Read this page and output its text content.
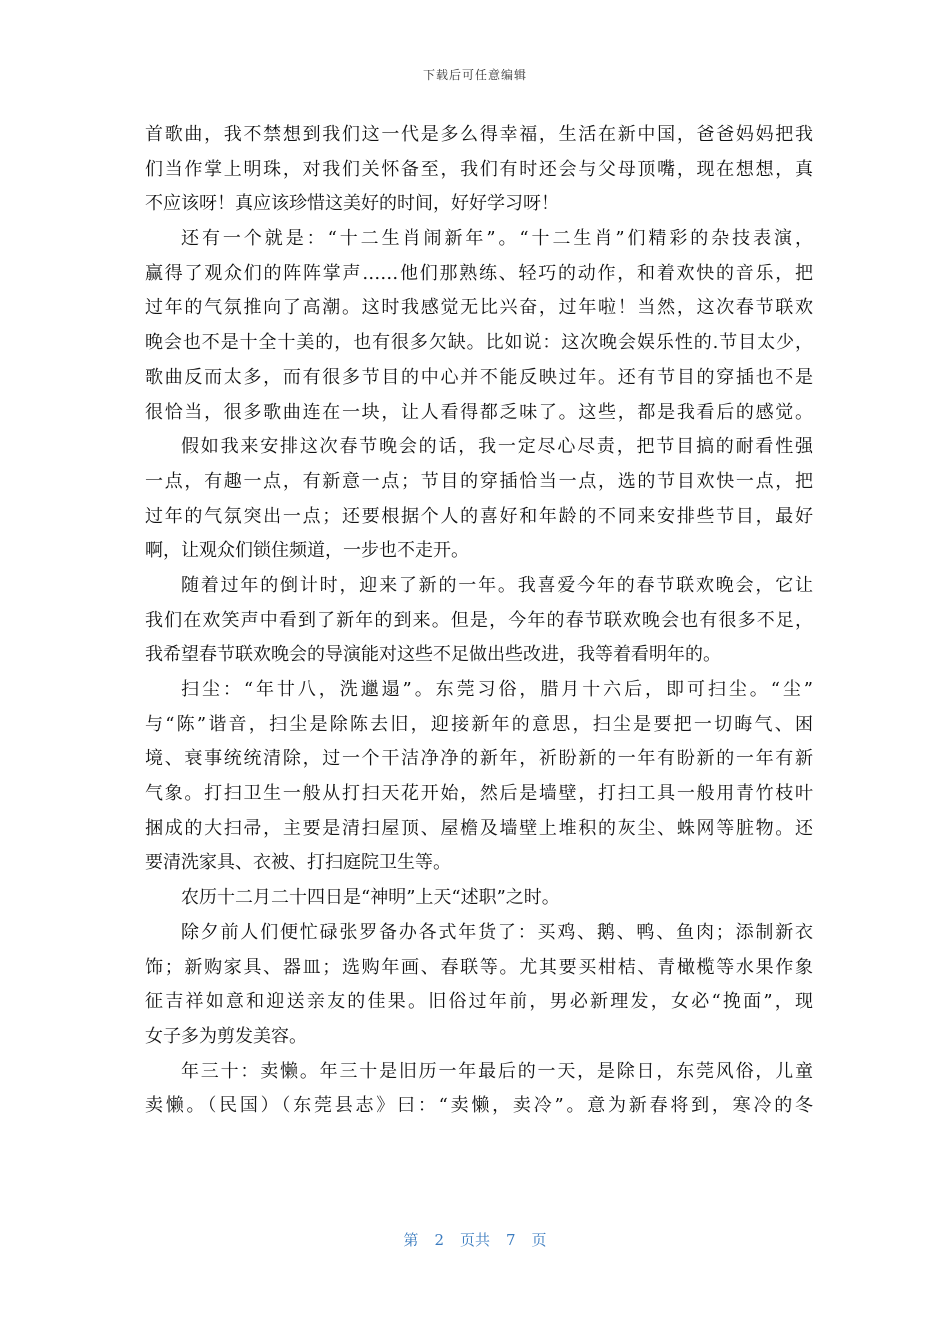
下载后可任意编辑
首歌曲，我不禁想到我们这一代是多么得幸福，生活在新中国，爸爸妈妈把我
们当作掌上明珠，对我们关怀备至，我们有时还会与父母顶嘴，现在想想，真
不应该呀！真应该珍惜这美好的时间，好好学习呀！
还有一个就是：“十二生肖闹新年”。“十二生肖”们精彩的杂技表演，
赢得了观众们的阵阵掌声……他们那熟练、轻巧的动作，和着欢快的音乐，把
过年的气氛推向了高潮。这时我感觉无比兴奋，过年啦！当然，这次春节联欢
晚会也不是十全十美的，也有很多欠缺。比如说：这次晚会娱乐性的.节目太少，
歌曲反而太多，而有很多节目的中心并不能反映过年。还有节目的穿插也不是
很恰当，很多歌曲连在一块，让人看得都乏味了。这些，都是我看后的感觉。
假如我来安排这次春节晚会的话，我一定尽心尽责，把节目搞的耐看性强
一点，有趣一点，有新意一点；节目的穿插恰当一点，选的节目欢快一点，把
过年的气氛突出一点；还要根据个人的喜好和年龄的不同来安排些节目，最好
啊，让观众们锁住频道，一步也不走开。
随着过年的倒计时，迎来了新的一年。我喜爱今年的春节联欢晚会，它让
我们在欢笑声中看到了新年的到来。但是，今年的春节联欢晚会也有很多不足，
我希望春节联欢晚会的导演能对这些不足做出些改进，我等着看明年的。
扫尘：“年廿八，洗邋遢”。东莞习俗，腊月十六后，即可扫尘。“尘”
与“陈”谐音，扫尘是除陈去旧，迎接新年的意思，扫尘是要把一切晦气、困
境、衰事统统清除，过一个干洁净净的新年，祈盼新的一年有盼新的一年有新
气象。打扫卫生一般从打扫天花开始，然后是墙壁，打扫工具一般用青竹枝叶
捆成的大扫帚，主要是清扫屋顶、屋檐及墙壁上堆积的灰尘、蛛网等脏物。还
要清洗家具、衣被、打扫庭院卫生等。
农历十二月二十四日是“神明”上天“述职”之时。
除夕前人们便忙碌张罗备办各式年货了：买鸡、鹅、鸭、鱼肉；添制新衣
饰；新购家具、器皿；选购年画、春联等。尤其要买柑桔、青橄榄等水果作象
征吉祥如意和迎送亲友的佳果。旧俗过年前，男必新理发，女必“挽面”，现
女子多为剪发美容。
年三十：卖懒。年三十是旧历一年最后的一天，是除日，东莞风俗，儿童
卖懒。（民国）（东莞县志》曰：“卖懒，卖冷”。意为新春将到，寒冷的冬
第 2 页共 7 页
